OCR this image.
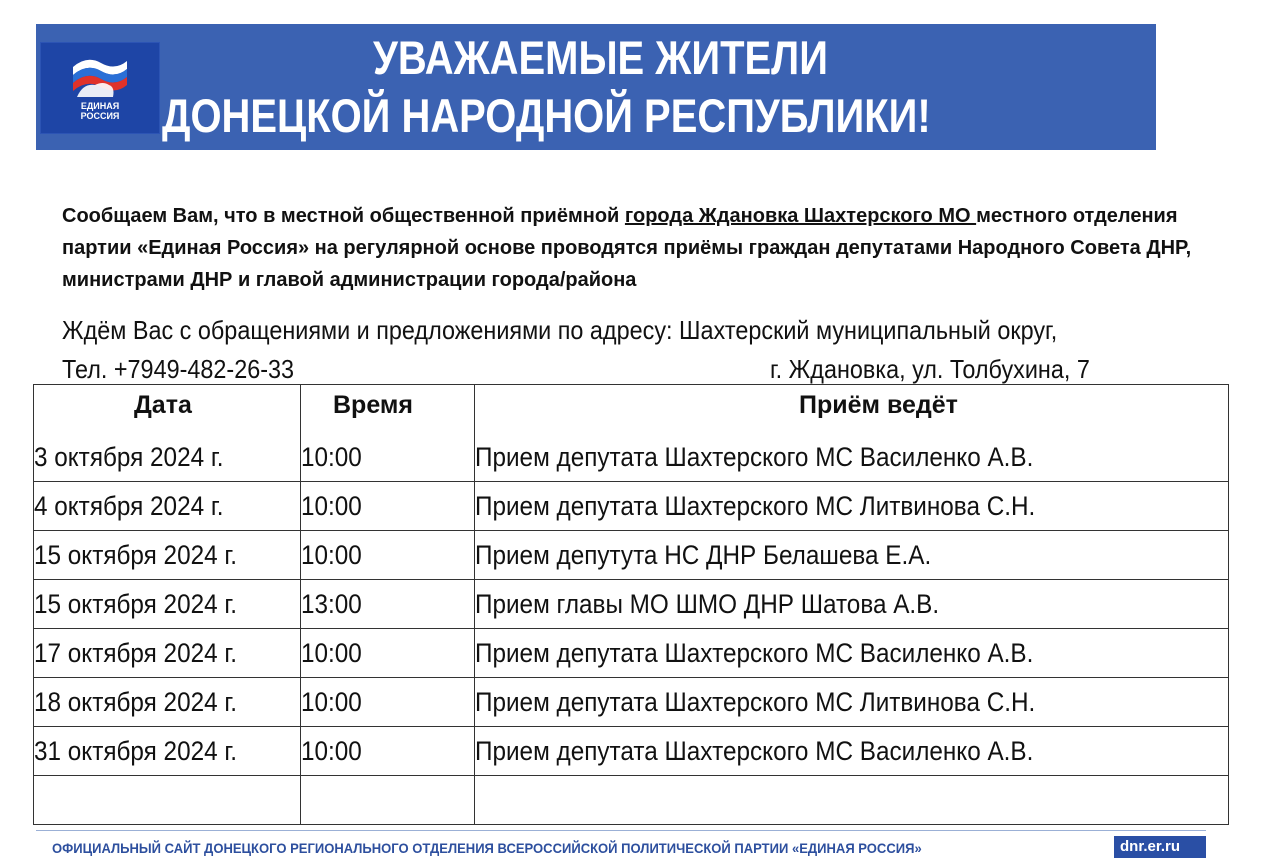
ЕДИНАЯ
РОССИЯ
УВАЖАЕМЫЕ ЖИТЕЛИ
ДОНЕЦКОЙ НАРОДНОЙ РЕСПУБЛИКИ!
Сообщаем Вам, что в местной общественной приёмной города Ждановка Шахтерского МО местного отделения партии «Единая Россия» на регулярной основе проводятся приёмы граждан депутатами Народного Совета ДНР, министрами ДНР и главой администрации города/района
Ждём Вас с обращениями и предложениями по адресу: Шахтерский муниципальный округ,
Тел. +7949-482-26-33	г. Ждановка, ул. Толбухина, 7
Дата	Время	Приём ведёт
3 октября 2024 г.	10:00	Прием депутата Шахтерского МС Василенко А.В.
4 октября 2024 г.	10:00	Прием депутата Шахтерского МС Литвинова С.Н.
15 октября 2024 г.	10:00	Прием депутута НС ДНР Белашева Е.А.
15 октября 2024 г.	13:00	Прием главы МО ШМО ДНР Шатова А.В.
17 октября 2024 г.	10:00	Прием депутата Шахтерского МС Василенко А.В.
18 октября 2024 г.	10:00	Прием депутата Шахтерского МС Литвинова С.Н.
31 октября 2024 г.	10:00	Прием депутата Шахтерского МС Василенко А.В.

ОФИЦИАЛЬНЫЙ САЙТ ДОНЕЦКОГО РЕГИОНАЛЬНОГО ОТДЕЛЕНИЯ ВСЕРОССИЙСКОЙ ПОЛИТИЧЕСКОЙ ПАРТИИ «ЕДИНАЯ РОССИЯ»	dnr.er.ru
